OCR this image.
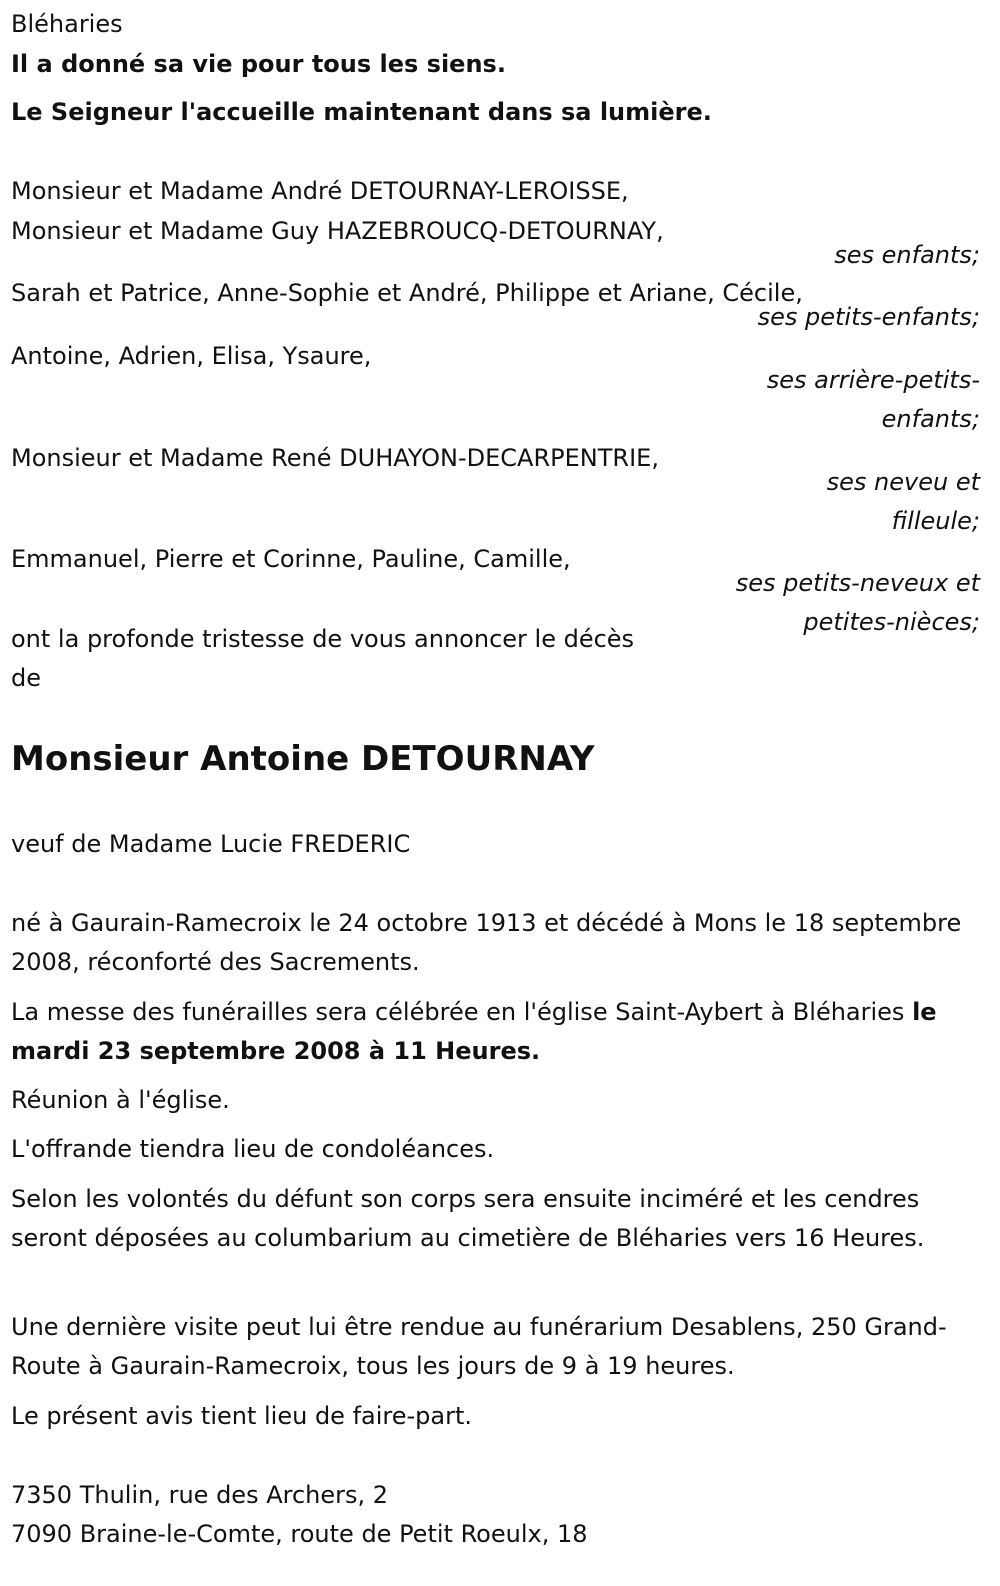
Bléharies
Il a donné sa vie pour tous les siens.
Le Seigneur l'accueille maintenant dans sa lumière.
Monsieur et Madame André DETOURNAY-LEROISSE,
Monsieur et Madame Guy HAZEBROUCQ-DETOURNAY,
ses enfants;
Sarah et Patrice, Anne-Sophie et André, Philippe et Ariane, Cécile,
ses petits-enfants;
Antoine, Adrien, Elisa, Ysaure,
ses arrière-petits-
enfants;
Monsieur et Madame René DUHAYON-DECARPENTRIE,
ses neveu et
filleule;
Emmanuel, Pierre et Corinne, Pauline, Camille,
ses petits-neveux et
petites-nièces;
ont la profonde tristesse de vous annoncer le décès
de
Monsieur Antoine DETOURNAY
veuf de Madame Lucie FREDERIC
né à Gaurain-Ramecroix le 24 octobre 1913 et décédé à Mons le 18 septembre 2008, réconforté des Sacrements.
La messe des funérailles sera célébrée en l'église Saint-Aybert à Bléharies le mardi 23 septembre 2008 à 11 Heures.
Réunion à l'église.
L'offrande tiendra lieu de condoléances.
Selon les volontés du défunt son corps sera ensuite inciméré et les cendres seront déposées au columbarium au cimetière de Bléharies vers 16 Heures.
Une dernière visite peut lui être rendue au funérarium Desablens, 250 Grand-Route à Gaurain-Ramecroix, tous les jours de 9 à 19 heures.
Le présent avis tient lieu de faire-part.
7350 Thulin, rue des Archers, 2
7090 Braine-le-Comte, route de Petit Roeulx, 18
